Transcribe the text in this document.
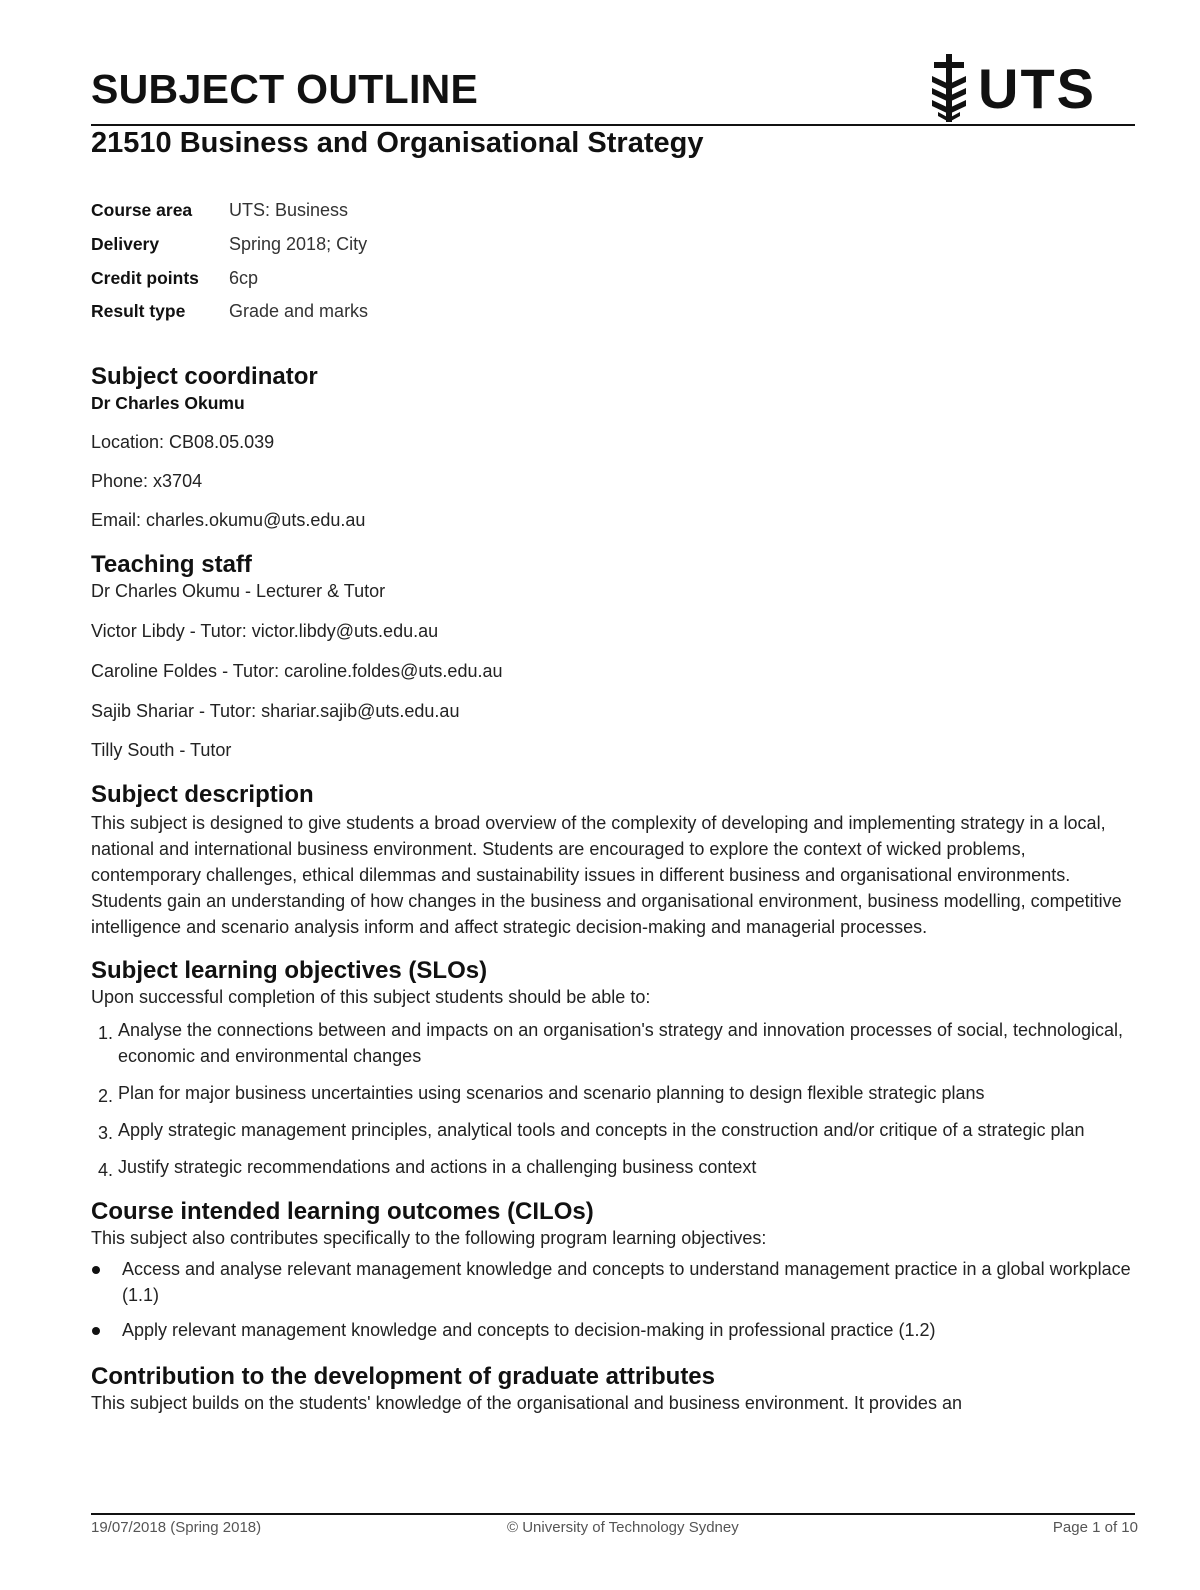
SUBJECT OUTLINE	UTS
21510 Business and Organisational Strategy
Course area	UTS: Business
Delivery	Spring 2018; City
Credit points	6cp
Result type	Grade and marks
Subject coordinator

Dr Charles Okumu

Location: CB08.05.039

Phone: x3704

Email: charles.okumu@uts.edu.au

Teaching staff

Dr Charles Okumu - Lecturer & Tutor

Victor Libdy - Tutor: victor.libdy@uts.edu.au

Caroline Foldes - Tutor: caroline.foldes@uts.edu.au

Sajib Shariar - Tutor: shariar.sajib@uts.edu.au

Tilly South - Tutor

Subject description

This subject is designed to give students a broad overview of the complexity of developing and implementing strategy in a local, national and international business environment. Students are encouraged to explore the context of wicked problems, contemporary challenges, ethical dilemmas and sustainability issues in different business and organisational environments. Students gain an understanding of how changes in the business and organisational environment, business modelling, competitive intelligence and scenario analysis inform and affect strategic decision-making and managerial processes.

Subject learning objectives (SLOs)

Upon successful completion of this subject students should be able to:

1. Analyse the connections between and impacts on an organisation's strategy and innovation processes of social, technological, economic and environmental changes
2. Plan for major business uncertainties using scenarios and scenario planning to design flexible strategic plans
3. Apply strategic management principles, analytical tools and concepts in the construction and/or critique of a strategic plan
4. Justify strategic recommendations and actions in a challenging business context
Course intended learning outcomes (CILOs)

This subject also contributes specifically to the following program learning objectives:

Access and analyse relevant management knowledge and concepts to understand management practice in a global workplace (1.1)
Apply relevant management knowledge and concepts to decision-making in professional practice (1.2)
Contribution to the development of graduate attributes

This subject builds on the students' knowledge of the organisational and business environment. It provides an

19/07/2018 (Spring 2018)	© University of Technology Sydney	Page 1 of 10
